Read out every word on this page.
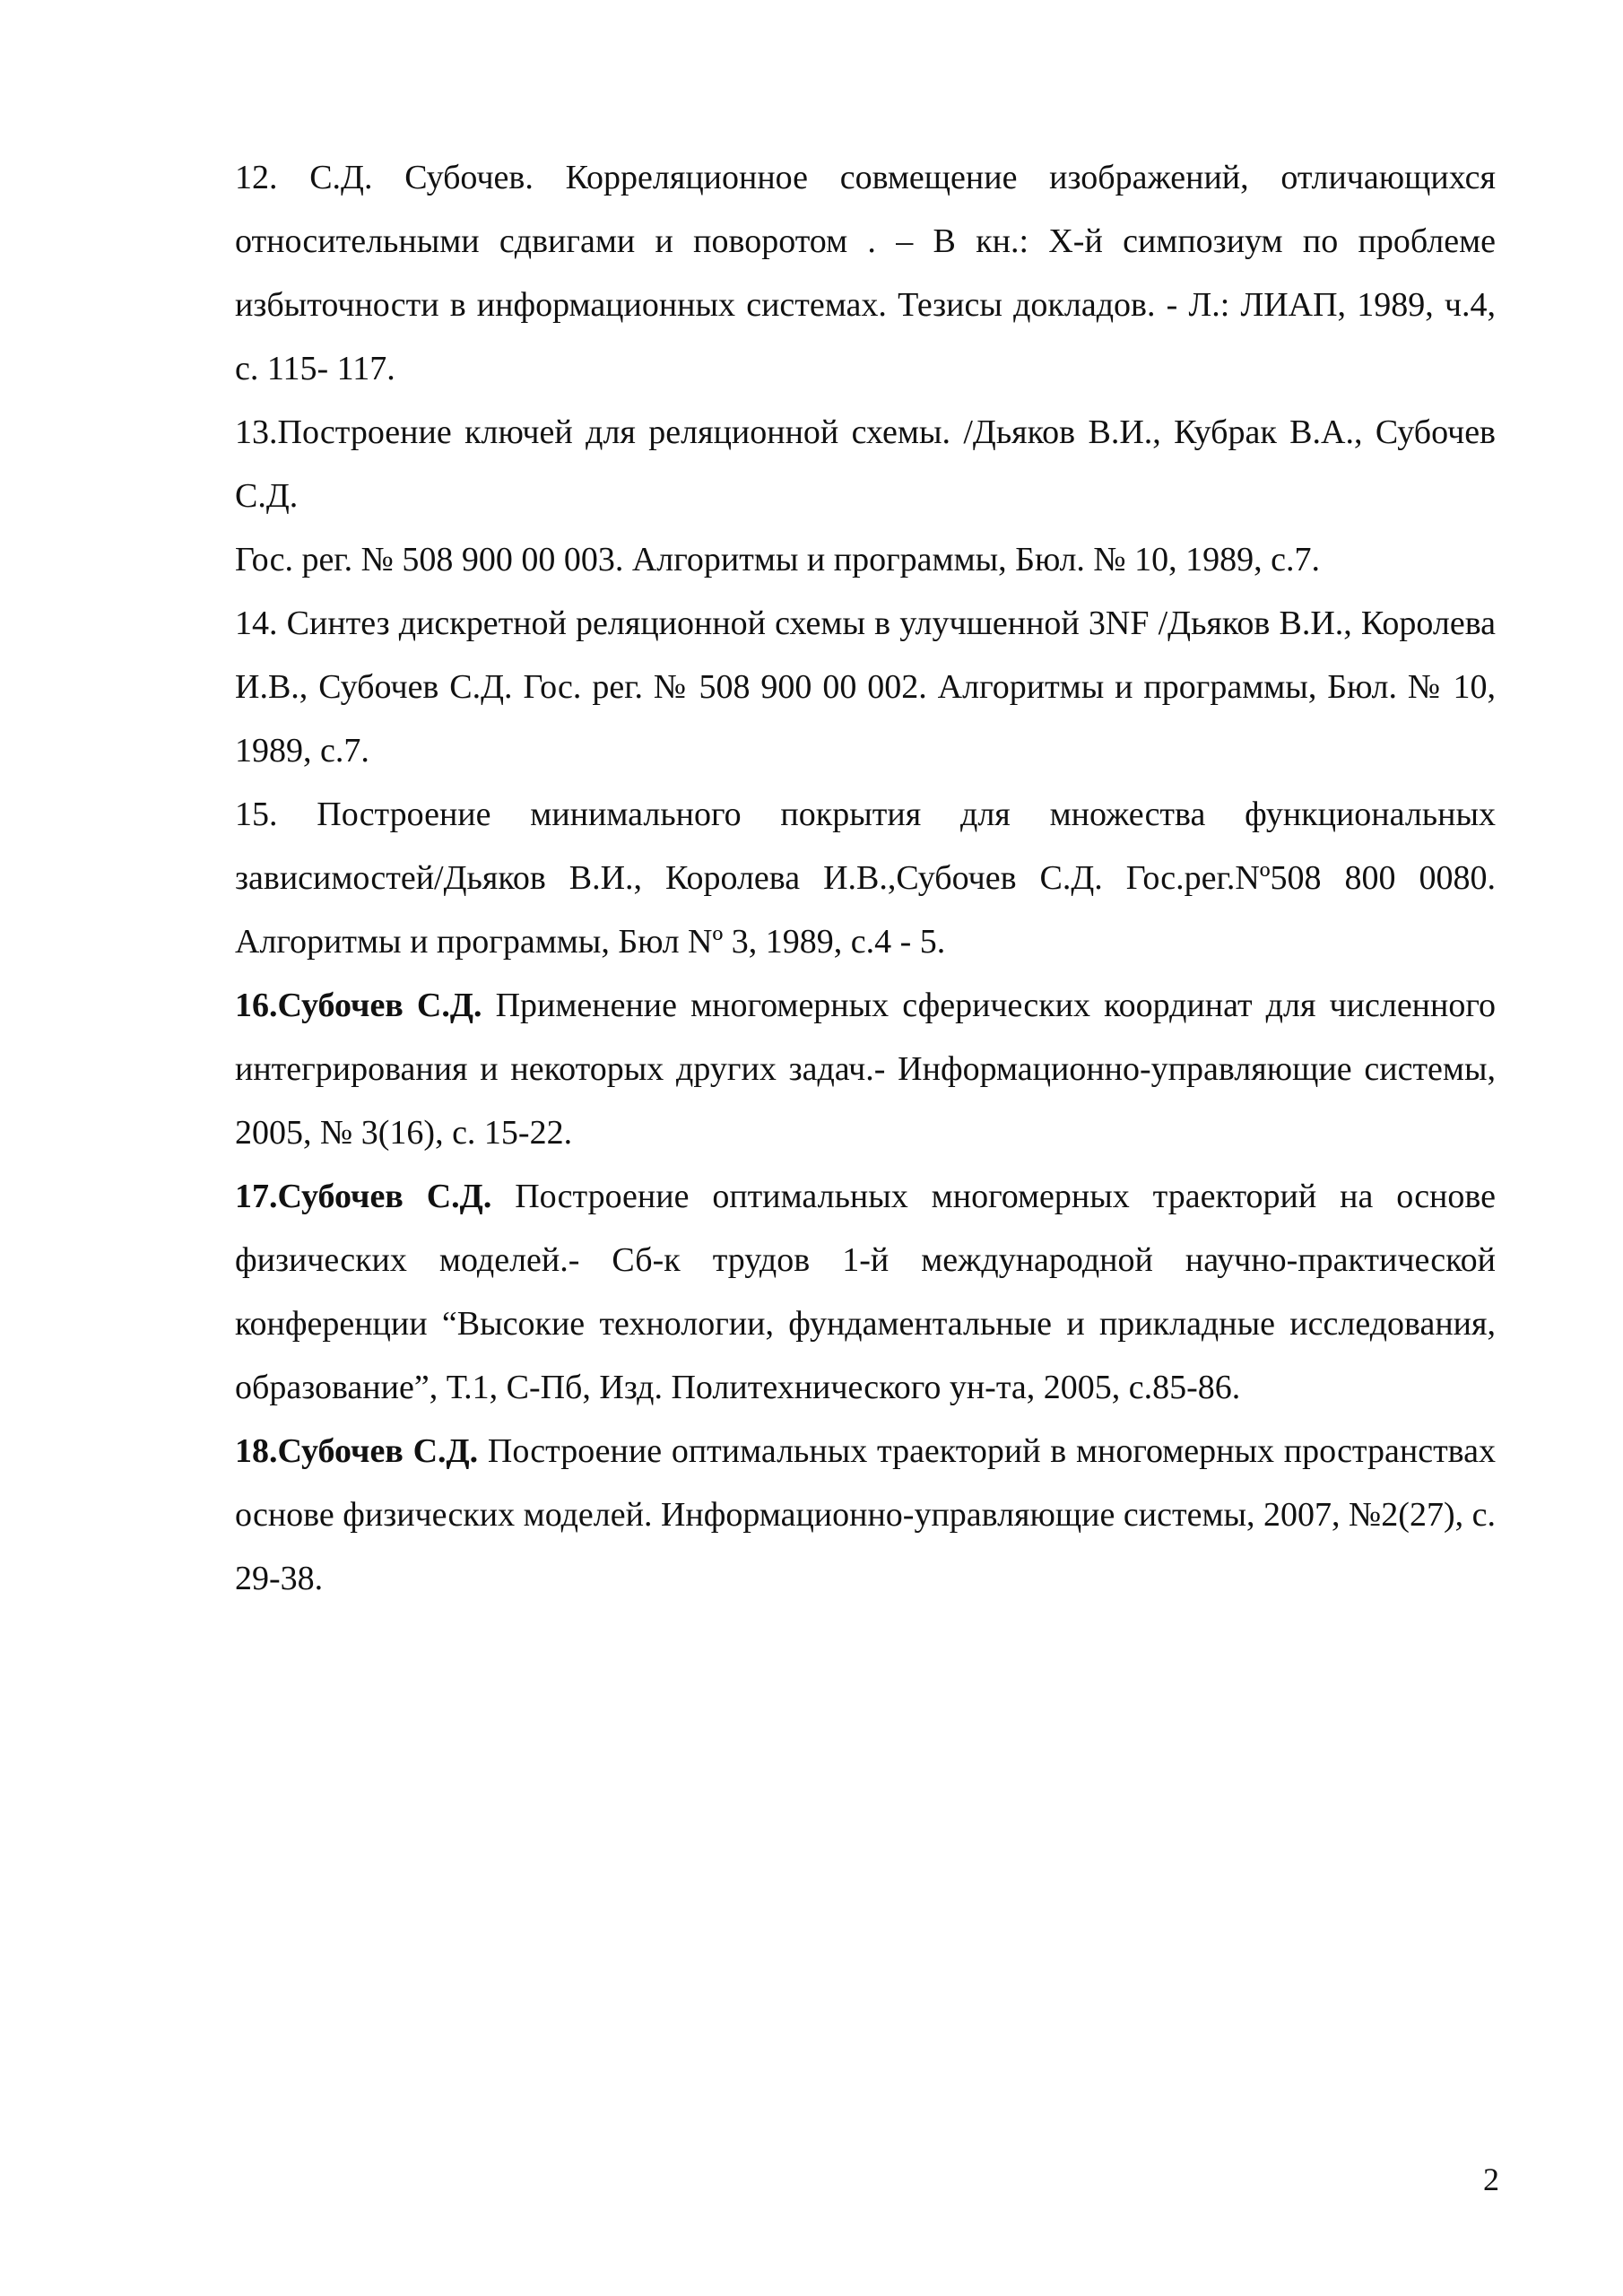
12. С.Д. Субочев. Корреляционное совмещение изображений, отличающихся относительными сдвигами и поворотом . – В кн.: Х-й симпозиум по проблеме избыточности в информационных системах. Тезисы докладов. - Л.: ЛИАП, 1989, ч.4, с. 115- 117.

13.Построение ключей для реляционной схемы. /Дьяков В.И., Кубрак В.А., Субочев С.Д.
Гос. рег. № 508 900 00 003. Алгоритмы и программы, Бюл. № 10, 1989, с.7.

14. Синтез дискретной реляционной схемы в улучшенной 3NF /Дьяков В.И., Королева И.В., Субочев С.Д. Гос. рег. № 508 900 00 002. Алгоритмы и программы, Бюл. № 10, 1989, с.7.

15. Построение минимального покрытия для множества функциональных зависимостей/Дьяков В.И., Королева И.В.,Субочев С.Д. Гос.рег.Nº508 800 0080. Алгоритмы и программы, Бюл Nº 3, 1989, с.4 - 5.

16.Субочев С.Д. Применение многомерных сферических координат для численного интегрирования и некоторых других задач.- Информационно-управляющие системы, 2005, № 3(16), с. 15-22.

17.Субочев С.Д. Построение оптимальных многомерных траекторий на основе физических моделей.- Сб-к трудов 1-й международной научно-практической конференции “Высокие технологии, фундаментальные и прикладные исследования, образование”, Т.1, С-Пб, Изд. Политехнического ун-та, 2005, с.85-86.

18.Субочев С.Д. Построение оптимальных траекторий в многомерных пространствах основе физических моделей. Информационно-управляющие системы, 2007, №2(27), с. 29-38.

2
